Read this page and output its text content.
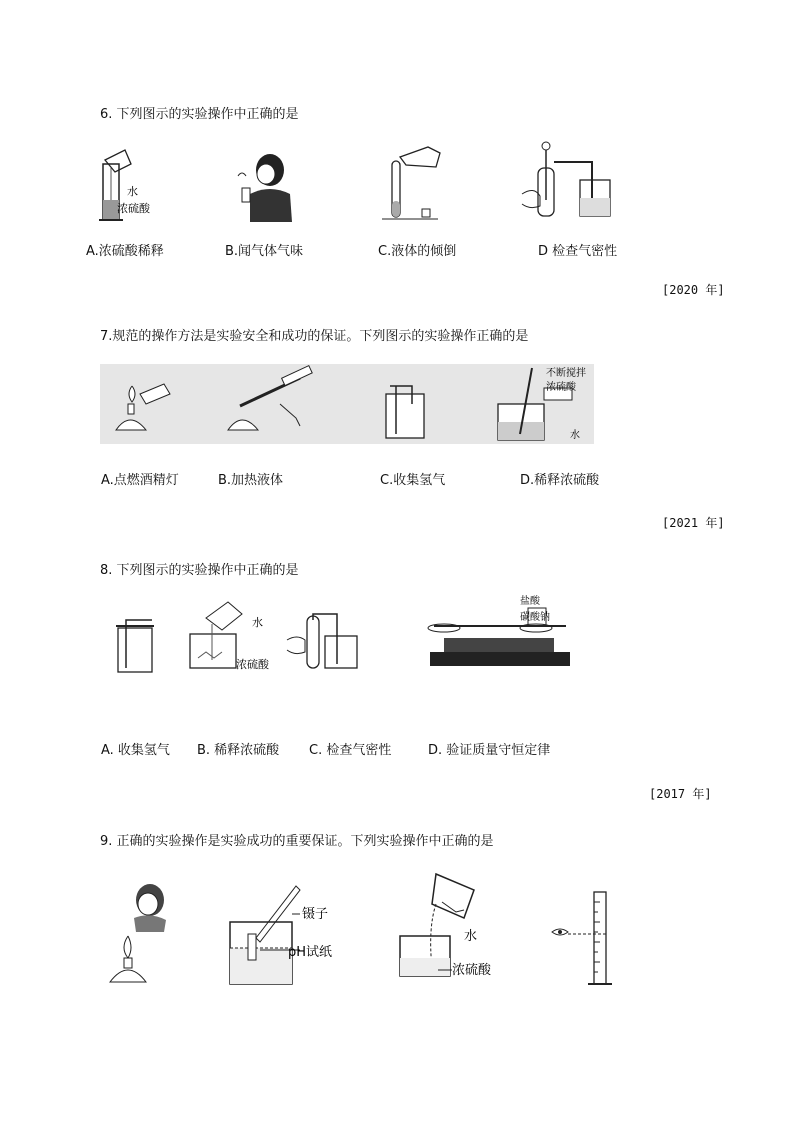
6. 下列图示的实验操作中正确的是
水
浓硫酸
A.浓硫酸稀释	B.闻气体气味	C.液体的倾倒	D 检查气密性
[2020 年]
7.规范的操作方法是实验安全和成功的保证。下列图示的实验操作正确的是
不断搅拌
浓硫酸
水
A.点燃酒精灯	B.加热液体	C.收集氢气	D.稀释浓硫酸
[2021 年]
8. 下列图示的实验操作中正确的是
水
浓硫酸
盐酸
碳酸钠
A. 收集氢气 B. 稀释浓硫酸 C. 检查气密性	D. 验证质量守恒定律
[2017 年]
9. 正确的实验操作是实验成功的重要保证。下列实验操作中正确的是
镊子
pH试纸
水
浓硫酸
